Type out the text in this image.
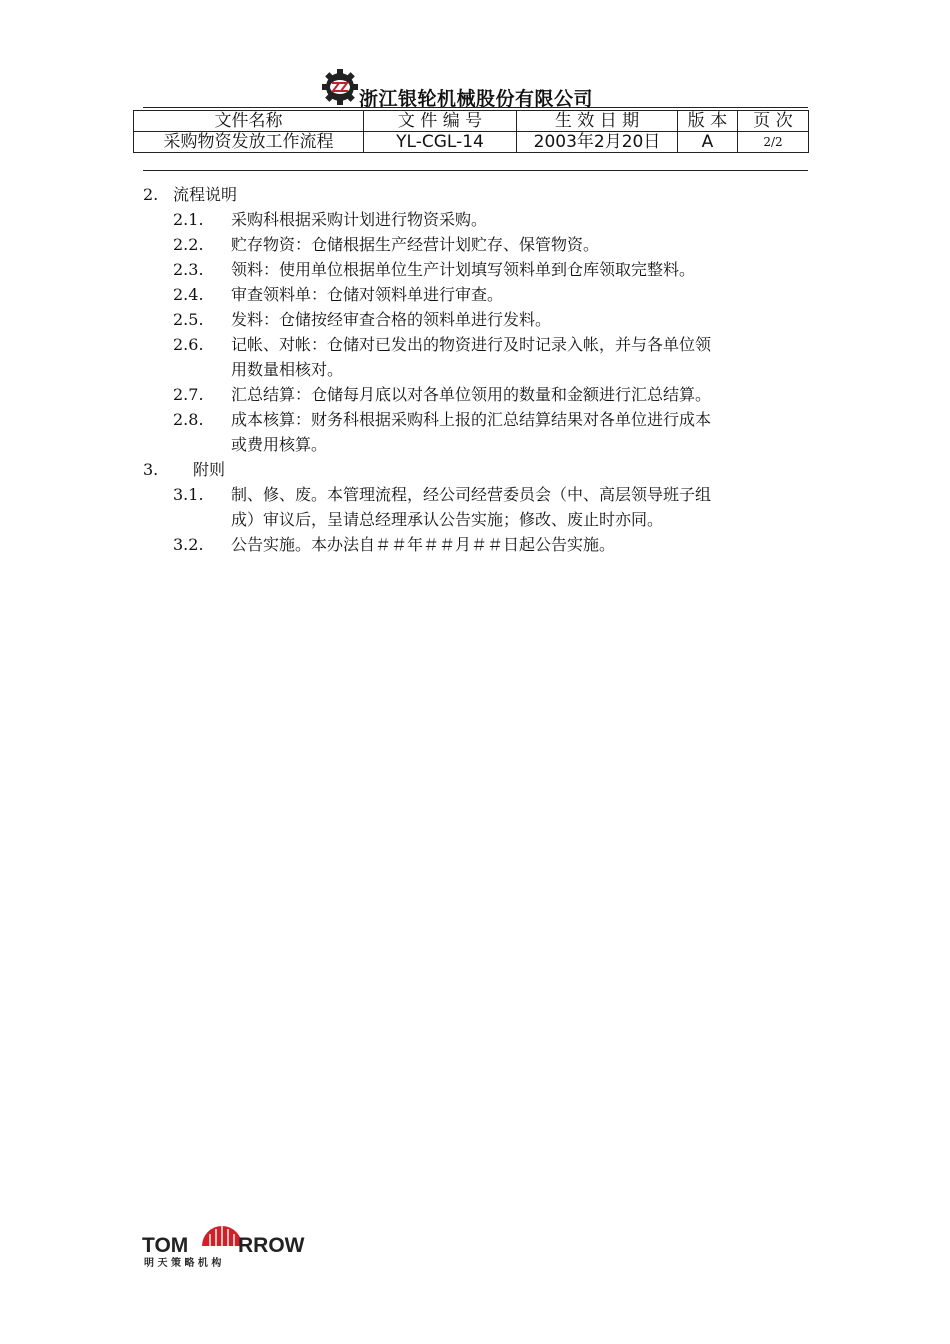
浙江银轮机械股份有限公司
文件名称	文 件 编 号	生 效 日 期	版 本	页 次
采购物资发放工作流程	YL-CGL-14	2003年2月20日	A	2/2
2. 流程说明
2.1. 采购科根据采购计划进行物资采购。
2.2. 贮存物资：仓储根据生产经营计划贮存、保管物资。
2.3. 领料：使用单位根据单位生产计划填写领料单到仓库领取完整料。
2.4. 审查领料单：仓储对领料单进行审查。
2.5. 发料：仓储按经审查合格的领料单进行发料。
2.6. 记帐、对帐：仓储对已发出的物资进行及时记录入帐，并与各单位领
用数量相核对。
2.7. 汇总结算：仓储每月底以对各单位领用的数量和金额进行汇总结算。
2.8. 成本核算：财务科根据采购科上报的汇总结算结果对各单位进行成本
或费用核算。
3. 附则
3.1. 制、修、废。本管理流程，经公司经营委员会（中、高层领导班子组
成）审议后，呈请总经理承认公告实施；修改、废止时亦同。
3.2. 公告实施。本办法自＃＃年＃＃月＃＃日起公告实施。
TOM RROW
明 天 策 略 机 构
